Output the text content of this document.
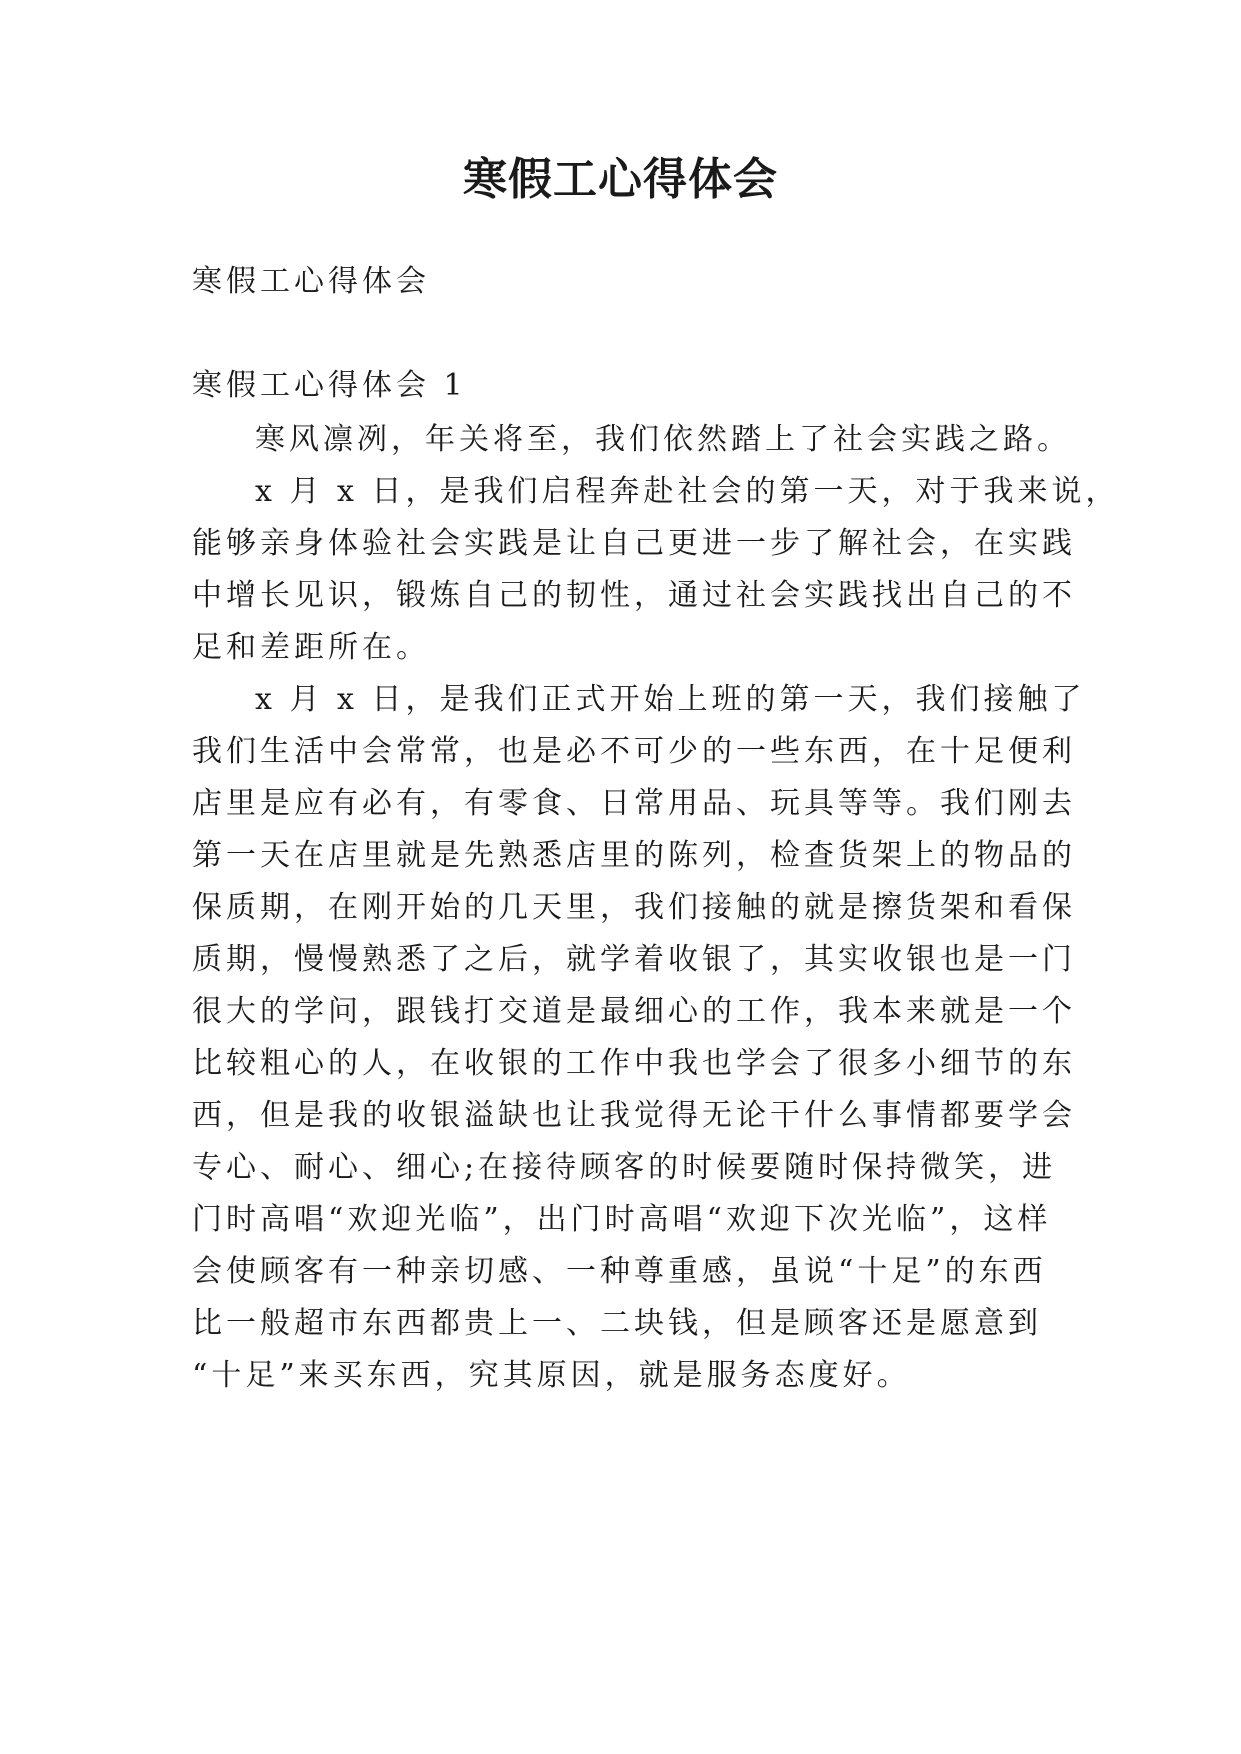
寒假工心得体会
寒假工心得体会
寒假工心得体会 1
寒风凛冽，年关将至，我们依然踏上了社会实践之路。
x 月 x 日，是我们启程奔赴社会的第一天，对于我来说，
能够亲身体验社会实践是让自己更进一步了解社会，在实践
中增长见识，锻炼自己的韧性，通过社会实践找出自己的不
足和差距所在。
x 月 x 日，是我们正式开始上班的第一天，我们接触了
我们生活中会常常，也是必不可少的一些东西，在十足便利
店里是应有必有，有零食、日常用品、玩具等等。我们刚去
第一天在店里就是先熟悉店里的陈列，检查货架上的物品的
保质期，在刚开始的几天里，我们接触的就是擦货架和看保
质期，慢慢熟悉了之后，就学着收银了，其实收银也是一门
很大的学问，跟钱打交道是最细心的工作，我本来就是一个
比较粗心的人，在收银的工作中我也学会了很多小细节的东
西，但是我的收银溢缺也让我觉得无论干什么事情都要学会
专心、耐心、细心;在接待顾客的时候要随时保持微笑，进
门时高唱“欢迎光临”，出门时高唱“欢迎下次光临”，这样
会使顾客有一种亲切感、一种尊重感，虽说“十足”的东西
比一般超市东西都贵上一、二块钱，但是顾客还是愿意到
“十足”来买东西，究其原因，就是服务态度好。
